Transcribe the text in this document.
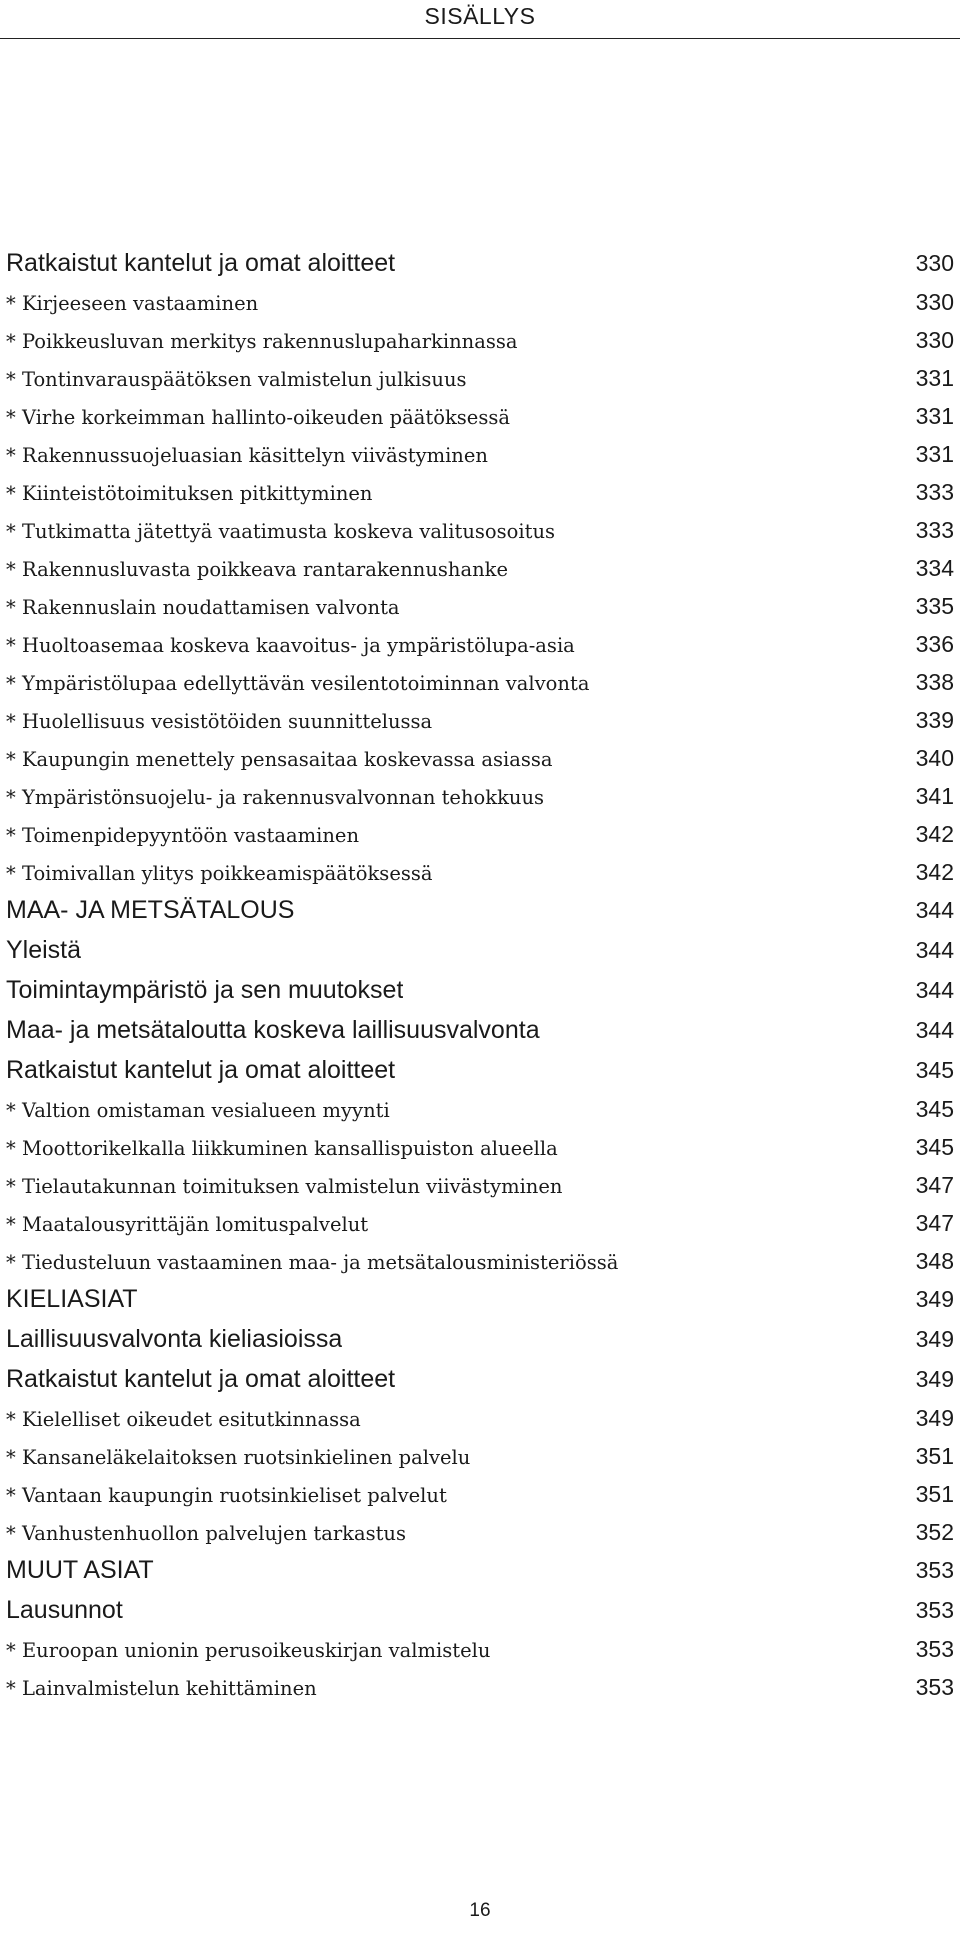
SISÄLLYS
Ratkaistut kantelut ja omat aloitteet	330
* Kirjeeseen vastaaminen	330
* Poikkeusluvan merkitys rakennuslupaharkinnassa	330
* Tontinvarauspäätöksen valmistelun julkisuus	331
* Virhe korkeimman hallinto-oikeuden päätöksessä	331
* Rakennussuojeluasian käsittelyn viivästyminen	331
* Kiinteistötoimituksen pitkittyminen	333
* Tutkimatta jätettyä vaatimusta koskeva valitusosoitus	333
* Rakennusluvasta poikkeava rantarakennushanke	334
* Rakennuslain noudattamisen valvonta	335
* Huoltoasemaa koskeva kaavoitus- ja ympäristölupa-asia	336
* Ympäristölupaa edellyttävän vesilentotoiminnan valvonta	338
* Huolellisuus vesistötöiden suunnittelussa	339
* Kaupungin menettely pensasaitaa koskevassa asiassa	340
* Ympäristönsuojelu- ja rakennusvalvonnan tehokkuus	341
* Toimenpidepyyntöön vastaaminen	342
* Toimivallan ylitys poikkeamispäätöksessä	342
MAA- JA METSÄTALOUS	344
Yleistä	344
Toimintaympäristö ja sen muutokset	344
Maa- ja metsätaloutta koskeva laillisuusvalvonta	344
Ratkaistut kantelut ja omat aloitteet	345
* Valtion omistaman vesialueen myynti	345
* Moottorikelkalla liikkuminen kansallispuiston alueella	345
* Tielautakunnan toimituksen valmistelun viivästyminen	347
* Maatalousyrittäjän lomituspalvelut	347
* Tiedusteluun vastaaminen maa- ja metsätalousministeriössä	348
KIELIASIAT	349
Laillisuusvalvonta kieliasioissa	349
Ratkaistut kantelut ja omat aloitteet	349
* Kielelliset oikeudet esitutkinnassa	349
* Kansaneläkelaitoksen ruotsinkielinen palvelu	351
* Vantaan kaupungin ruotsinkieliset palvelut	351
* Vanhustenhuollon palvelujen tarkastus	352
MUUT ASIAT	353
Lausunnot	353
* Euroopan unionin perusoikeuskirjan valmistelu	353
* Lainvalmistelun kehittäminen	353
16
